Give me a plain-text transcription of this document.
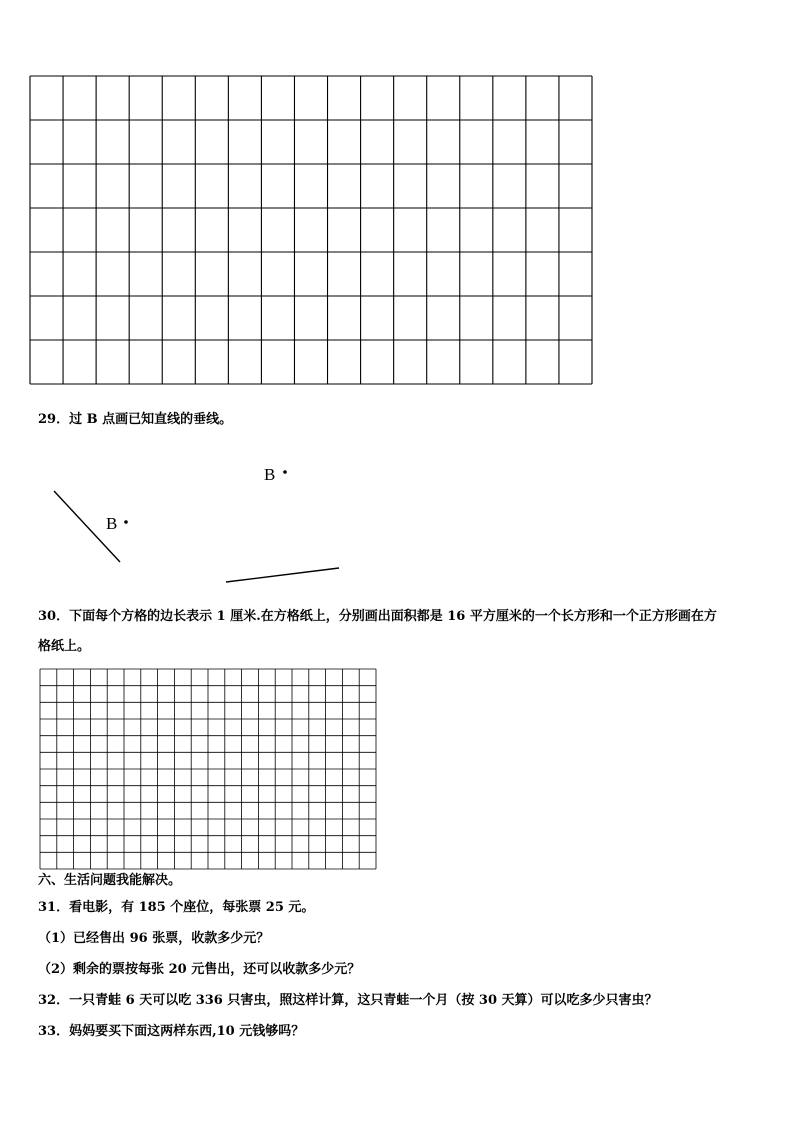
29．过 B 点画已知直线的垂线。
B
B
30．下面每个方格的边长表示 1 厘米.在方格纸上，分别画出面积都是 16 平方厘米的一个长方形和一个正方形画在方
格纸上。
六、生活问题我能解决。
31．看电影，有 185 个座位，每张票 25 元。
（1）已经售出 96 张票，收款多少元？
（2）剩余的票按每张 20 元售出，还可以收款多少元？
32．一只青蛙 6 天可以吃 336 只害虫，照这样计算，这只青蛙一个月（按 30 天算）可以吃多少只害虫？
33．妈妈要买下面这两样东西,10 元钱够吗？
